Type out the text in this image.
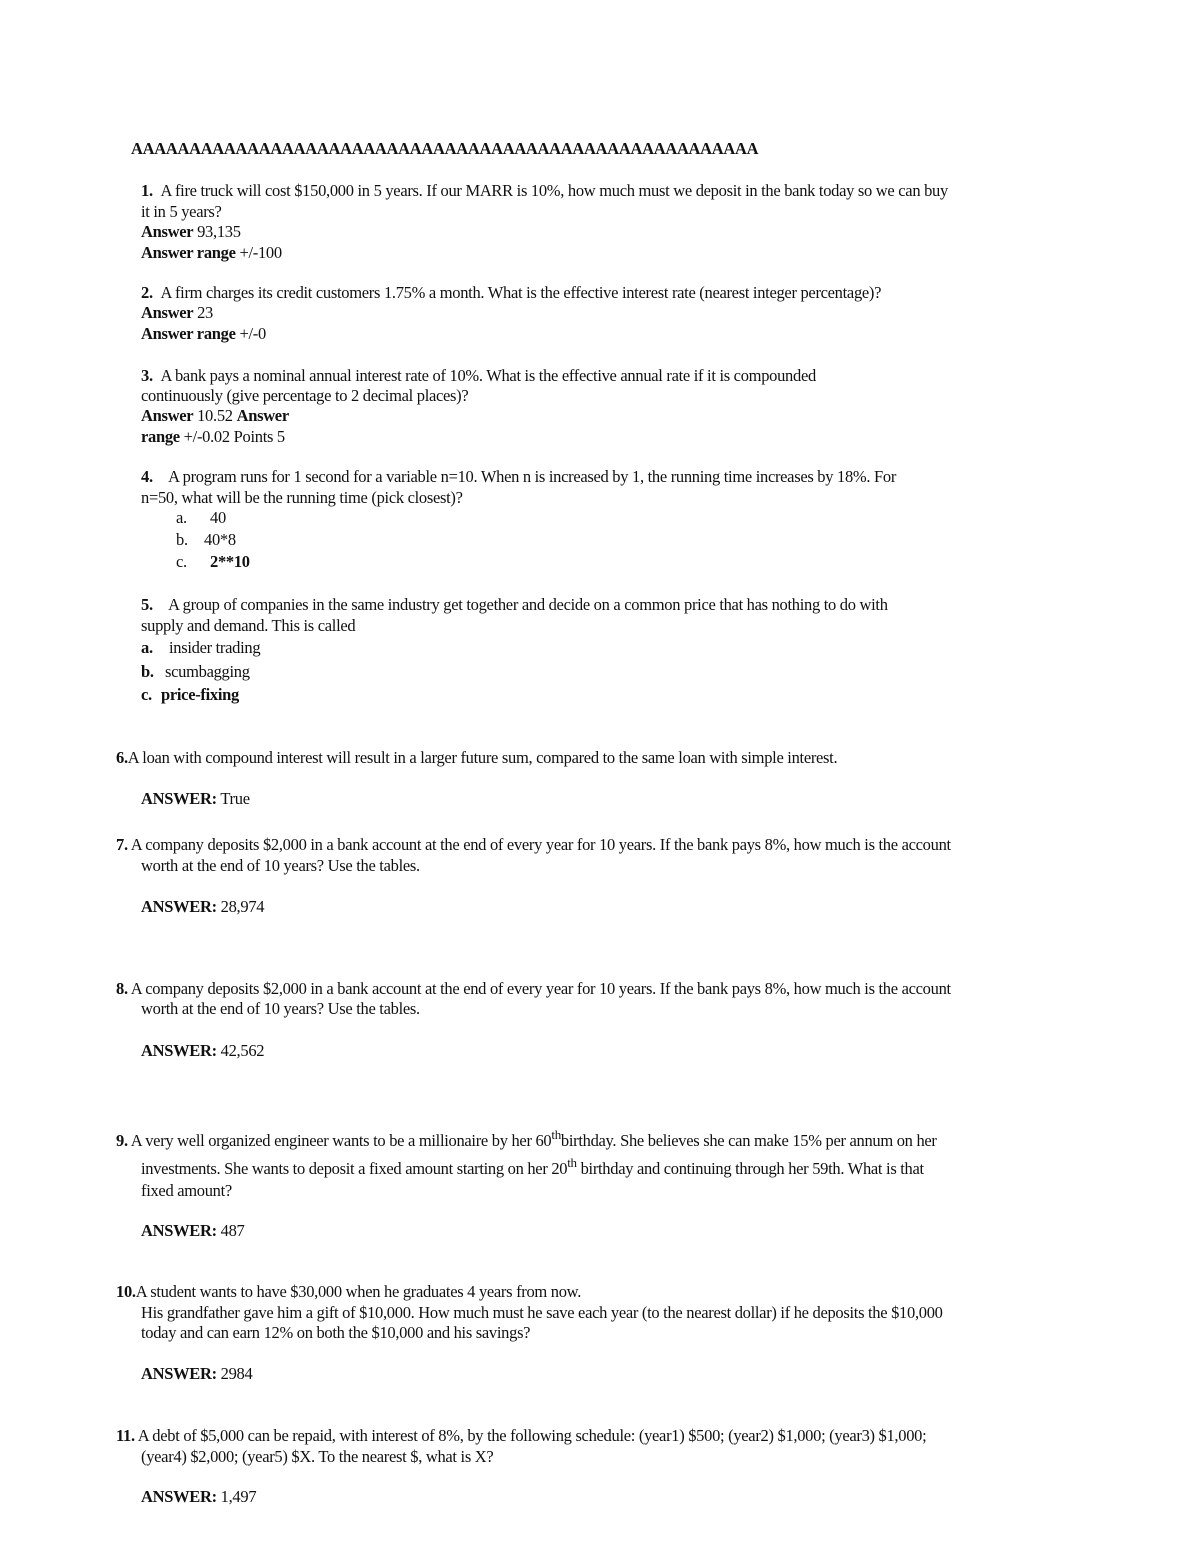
AAAAAAAAAAAAAAAAAAAAAAAAAAAAAAAAAAAAAAAAAAAAAAAAAAAAAA
1. A fire truck will cost $150,000 in 5 years. If our MARR is 10%, how much must we deposit in the bank today so we can buy
it in 5 years?
Answer 93,135
Answer range +/-100
2. A firm charges its credit customers 1.75% a month. What is the effective interest rate (nearest integer percentage)?
Answer 23
Answer range +/-0
3. A bank pays a nominal annual interest rate of 10%. What is the effective annual rate if it is compounded
continuously (give percentage to 2 decimal places)?
Answer 10.52 Answer
range +/-0.02 Points 5
4. A program runs for 1 second for a variable n=10. When n is increased by 1, the running time increases by 18%. For
n=50, what will be the running time (pick closest)?
a. 40
b. 40*8
c. 2**10
5. A group of companies in the same industry get together and decide on a common price that has nothing to do with
supply and demand. This is called
a. insider trading
b. scumbagging
c. price-fixing
6.A loan with compound interest will result in a larger future sum, compared to the same loan with simple interest.
ANSWER: True
7. A company deposits $2,000 in a bank account at the end of every year for 10 years. If the bank pays 8%, how much is the account
worth at the end of 10 years? Use the tables.
ANSWER: 28,974
8. A company deposits $2,000 in a bank account at the end of every year for 10 years. If the bank pays 8%, how much is the account
worth at the end of 10 years? Use the tables.
ANSWER: 42,562
9. A very well organized engineer wants to be a millionaire by her 60thbirthday. She believes she can make 15% per annum on her
investments. She wants to deposit a fixed amount starting on her 20th birthday and continuing through her 59th. What is that
fixed amount?
ANSWER: 487
10.A student wants to have $30,000 when he graduates 4 years from now.
His grandfather gave him a gift of $10,000. How much must he save each year (to the nearest dollar) if he deposits the $10,000
today and can earn 12% on both the $10,000 and his savings?
ANSWER: 2984
11. A debt of $5,000 can be repaid, with interest of 8%, by the following schedule: (year1) $500; (year2) $1,000; (year3) $1,000;
(year4) $2,000; (year5) $X. To the nearest $, what is X?
ANSWER: 1,497
